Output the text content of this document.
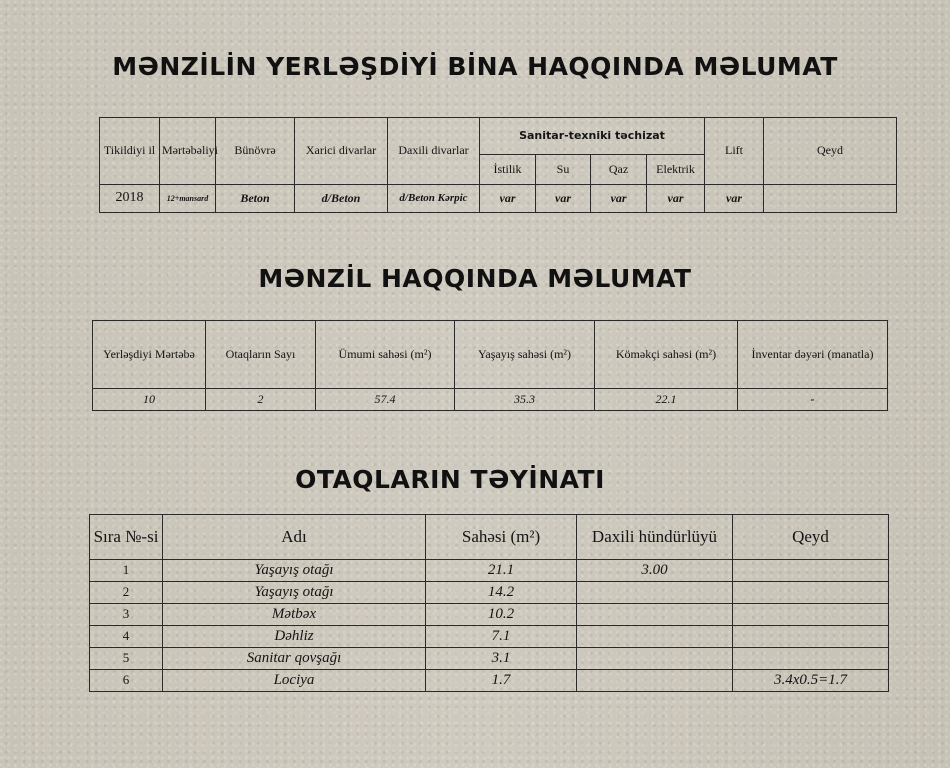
MƏNZİLİN YERLƏŞDİYİ BİNA HAQQINDA MƏLUMAT
Tikildiyi il	Mərtəbəliyi	Bünövrə	Xarici divarlar	Daxili divarlar	Sanitar-texniki təchizat				Lift	Qeyd
					İstilik	Su	Qaz	Elektrik		
2018	12+mansard	Beton	d/Beton	d/Beton Kərpic	var	var	var	var	var	
MƏNZİL HAQQINDA MƏLUMAT
Yerləşdiyi Mərtəbə	Otaqların Sayı	Ümumi sahəsi (m²)	Yaşayış sahəsi (m²)	Köməkçi sahəsi (m²)	İnventar dəyəri (manatla)
10	2	57.4	35.3	22.1	-
OTAQLARIN TƏYİNATI
Sıra №-si	Adı	Sahəsi (m²)	Daxili hündürlüyü	Qeyd
1	Yaşayış otağı	21.1	3.00	
2	Yaşayış otağı	14.2		
3	Mətbəx	10.2		
4	Dəhliz	7.1		
5	Sanitar qovşağı	3.1		
6	Lociya	1.7		3.4x0.5=1.7
